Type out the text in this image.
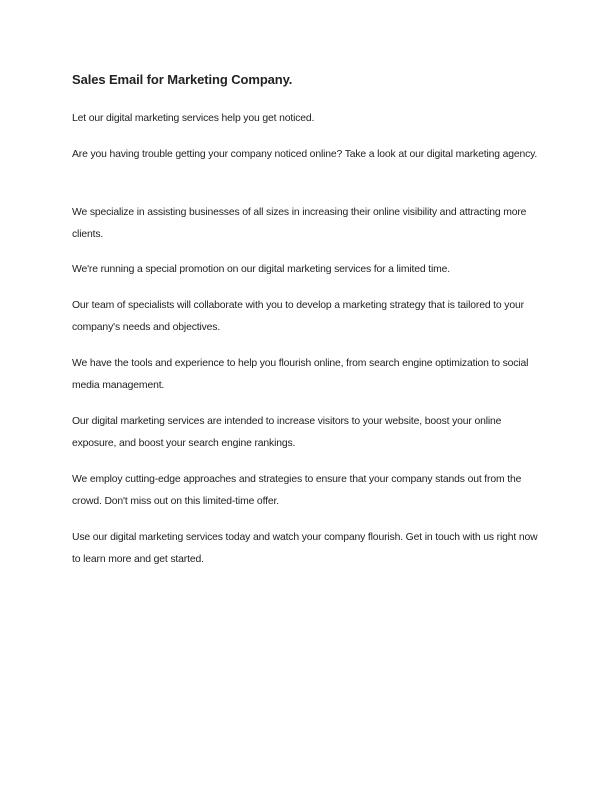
Sales Email for Marketing Company.

Let our digital marketing services help you get noticed.

Are you having trouble getting your company noticed online? Take a look at our digital marketing agency.

We specialize in assisting businesses of all sizes in increasing their online visibility and attracting more clients.

We're running a special promotion on our digital marketing services for a limited time.

Our team of specialists will collaborate with you to develop a marketing strategy that is tailored to your company's needs and objectives.

We have the tools and experience to help you flourish online, from search engine optimization to social media management.

Our digital marketing services are intended to increase visitors to your website, boost your online exposure, and boost your search engine rankings.

We employ cutting-edge approaches and strategies to ensure that your company stands out from the crowd. Don't miss out on this limited-time offer.

Use our digital marketing services today and watch your company flourish. Get in touch with us right now to learn more and get started.
